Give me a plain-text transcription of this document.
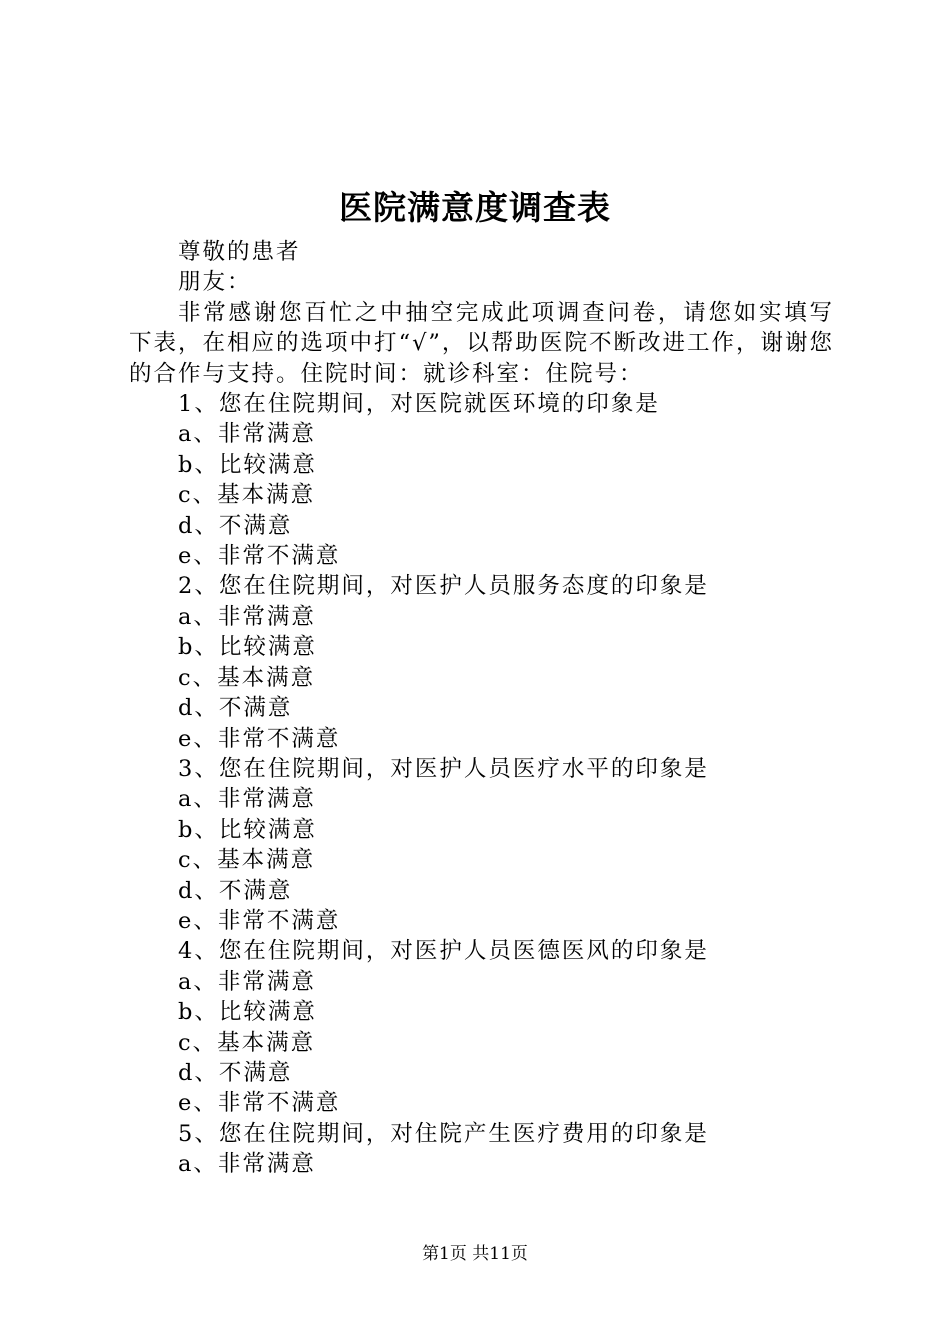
医院满意度调查表
尊敬的患者
朋友：
非常感谢您百忙之中抽空完成此项调查问卷，请您如实填写下表，在相应的选项中打“√”，以帮助医院不断改进工作，谢谢您的合作与支持。住院时间：就诊科室：住院号：
1、您在住院期间，对医院就医环境的印象是
a、非常满意
b、比较满意
c、基本满意
d、不满意
e、非常不满意
2、您在住院期间，对医护人员服务态度的印象是
a、非常满意
b、比较满意
c、基本满意
d、不满意
e、非常不满意
3、您在住院期间，对医护人员医疗水平的印象是
a、非常满意
b、比较满意
c、基本满意
d、不满意
e、非常不满意
4、您在住院期间，对医护人员医德医风的印象是
a、非常满意
b、比较满意
c、基本满意
d、不满意
e、非常不满意
5、您在住院期间，对住院产生医疗费用的印象是
a、非常满意
第1页 共11页
